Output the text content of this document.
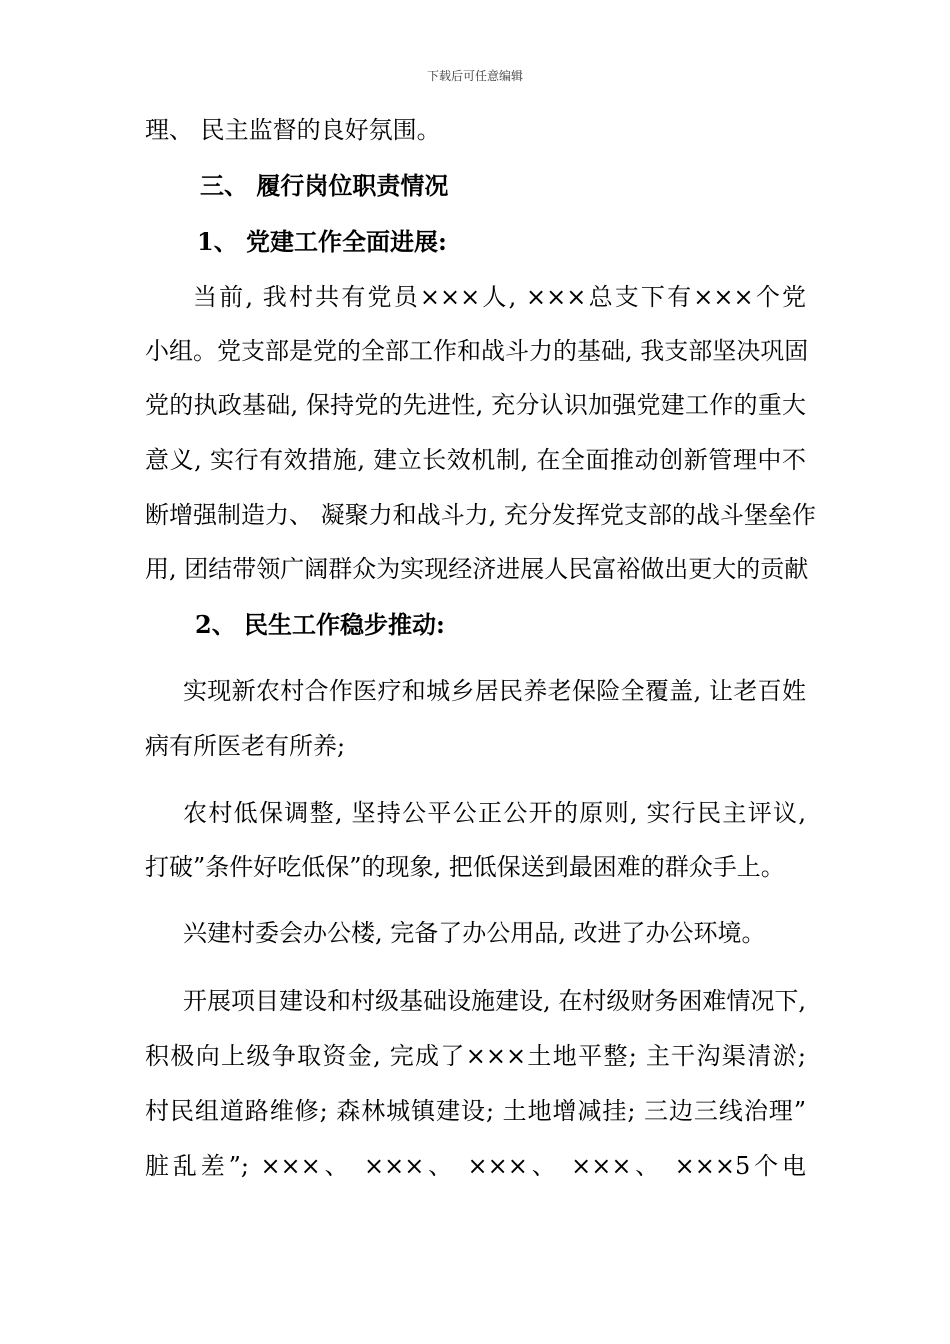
下载后可任意编辑
理、 民主监督的良好氛围。
三、 履行岗位职责情况
1、 党建工作全面进展:
当前, 我村共有党员×××人, ×××总支下有×××个党
小组。党支部是党的全部工作和战斗力的基础, 我支部坚决巩固
党的执政基础, 保持党的先进性, 充分认识加强党建工作的重大
意义, 实行有效措施, 建立长效机制, 在全面推动创新管理中不
断增强制造力、 凝聚力和战斗力, 充分发挥党支部的战斗堡垒作
用, 团结带领广阔群众为实现经济进展人民富裕做出更大的贡献
2、 民生工作稳步推动:
实现新农村合作医疗和城乡居民养老保险全覆盖, 让老百姓
病有所医老有所养;
农村低保调整, 坚持公平公正公开的原则, 实行民主评议,
打破”条件好吃低保”的现象, 把低保送到最困难的群众手上。
兴建村委会办公楼, 完备了办公用品, 改进了办公环境。
开展项目建设和村级基础设施建设, 在村级财务困难情况下,
积极向上级争取资金, 完成了×××土地平整; 主干沟渠清淤;
村民组道路维修; 森林城镇建设; 土地增减挂; 三边三线治理”
脏乱差”; ×××、 ×××、 ×××、 ×××、 ×××5个电
